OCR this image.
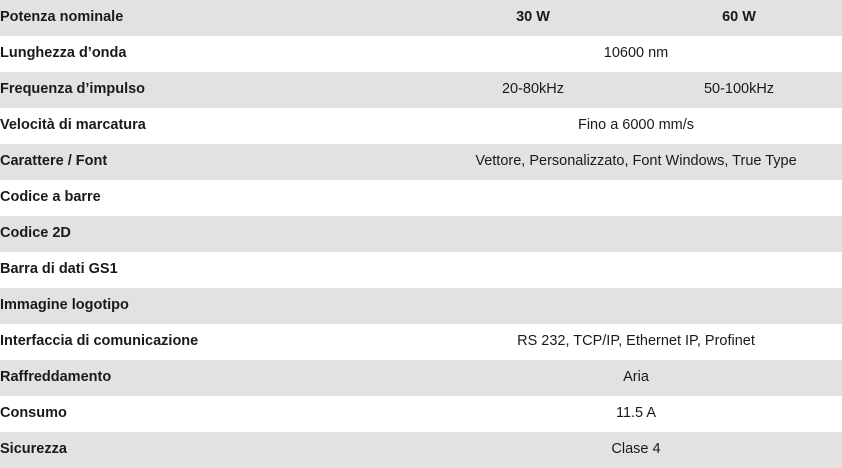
Potenza nominale	30 W	60 W
Lunghezza d’onda	10600 nm	
Frequenza d’impulso	20-80kHz	50-100kHz
Velocità di marcatura	Fino a 6000 mm/s	
Carattere / Font	Vettore, Personalizzato, Font Windows, True Type	
Codice a barre		
Codice 2D		
Barra di dati GS1		
Immagine logotipo		
Interfaccia di comunicazione	RS 232, TCP/IP, Ethernet IP, Profinet	
Raffreddamento	Aria	
Consumo	11.5 A	
Sicurezza	Clase 4	
